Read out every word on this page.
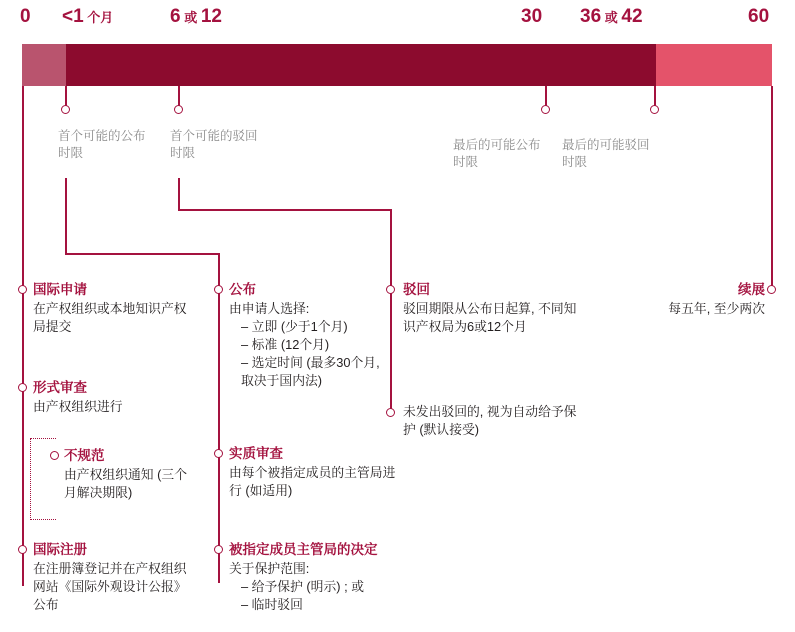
0 <1 个月	6 或 12	30 36 或 42	60
首个可能的公布时限
首个可能的驳回时限
最后的可能公布时限
最后的可能驳回时限
国际申请
在产权组织或本地知识产权局提交
形式审查
由产权组织进行
不规范
由产权组织通知 (三个月解决期限)
国际注册
在注册簿登记并在产权组织网站《国际外观设计公报》公布
公布
由申请人选择:
– 立即 (少于1个月)
– 标准 (12个月)
– 选定时间 (最多30个月, 取决于国内法)
实质审查
由每个被指定成员的主管局进行 (如适用)
被指定成员主管局的决定
关于保护范围:
– 给予保护 (明示) ; 或
– 临时驳回
驳回
驳回期限从公布日起算, 不同知识产权局为6或12个月
未发出驳回的, 视为自动给予保护 (默认接受)
续展
每五年, 至少两次
